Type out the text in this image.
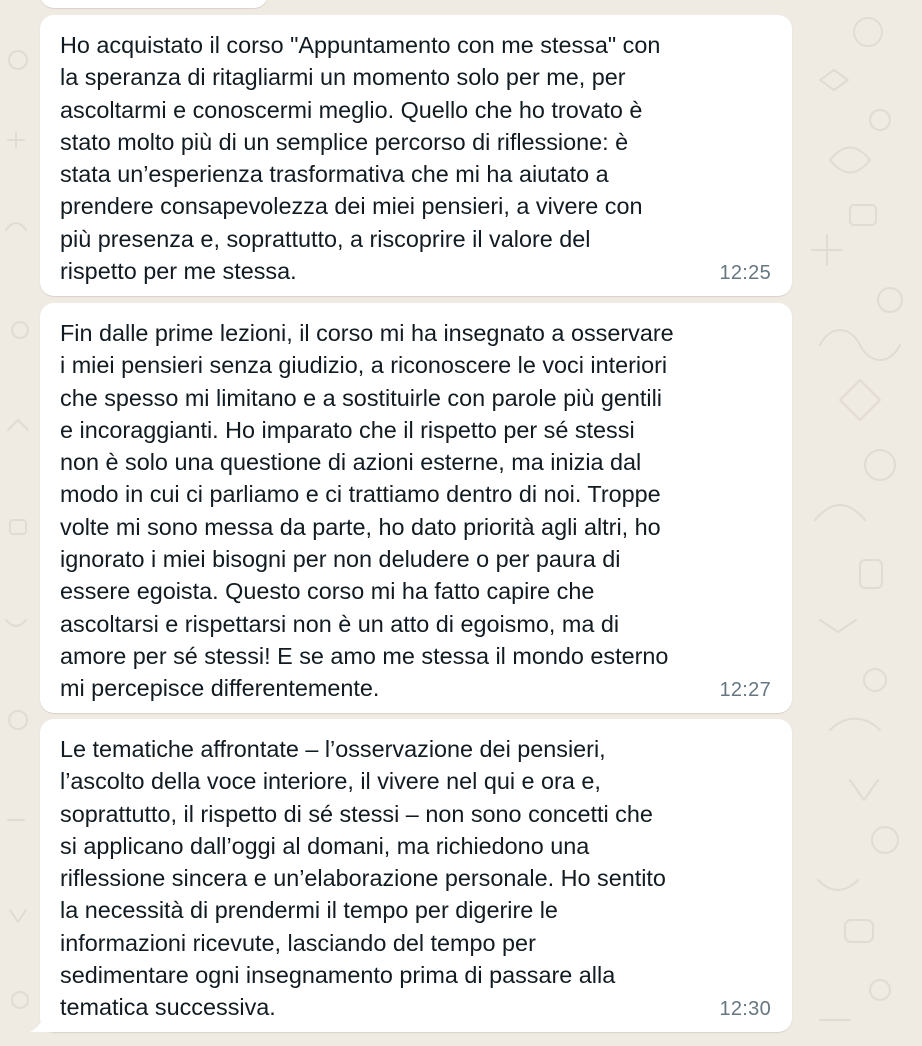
Ho acquistato il corso "Appuntamento con me stessa" con
la speranza di ritagliarmi un momento solo per me, per
ascoltarmi e conoscermi meglio. Quello che ho trovato è
stato molto più di un semplice percorso di riflessione: è
stata un’esperienza trasformativa che mi ha aiutato a
prendere consapevolezza dei miei pensieri, a vivere con
più presenza e, soprattutto, a riscoprire il valore del
rispetto per me stessa.	12:25

Fin dalle prime lezioni, il corso mi ha insegnato a osservare
i miei pensieri senza giudizio, a riconoscere le voci interiori
che spesso mi limitano e a sostituirle con parole più gentili
e incoraggianti. Ho imparato che il rispetto per sé stessi
non è solo una questione di azioni esterne, ma inizia dal
modo in cui ci parliamo e ci trattiamo dentro di noi. Troppe
volte mi sono messa da parte, ho dato priorità agli altri, ho
ignorato i miei bisogni per non deludere o per paura di
essere egoista. Questo corso mi ha fatto capire che
ascoltarsi e rispettarsi non è un atto di egoismo, ma di
amore per sé stessi! E se amo me stessa il mondo esterno
mi percepisce differentemente.	12:27

Le tematiche affrontate – l’osservazione dei pensieri,
l’ascolto della voce interiore, il vivere nel qui e ora e,
soprattutto, il rispetto di sé stessi – non sono concetti che
si applicano dall’oggi al domani, ma richiedono una
riflessione sincera e un’elaborazione personale. Ho sentito
la necessità di prendermi il tempo per digerire le
informazioni ricevute, lasciando del tempo per
sedimentare ogni insegnamento prima di passare alla
tematica successiva.	12:30
